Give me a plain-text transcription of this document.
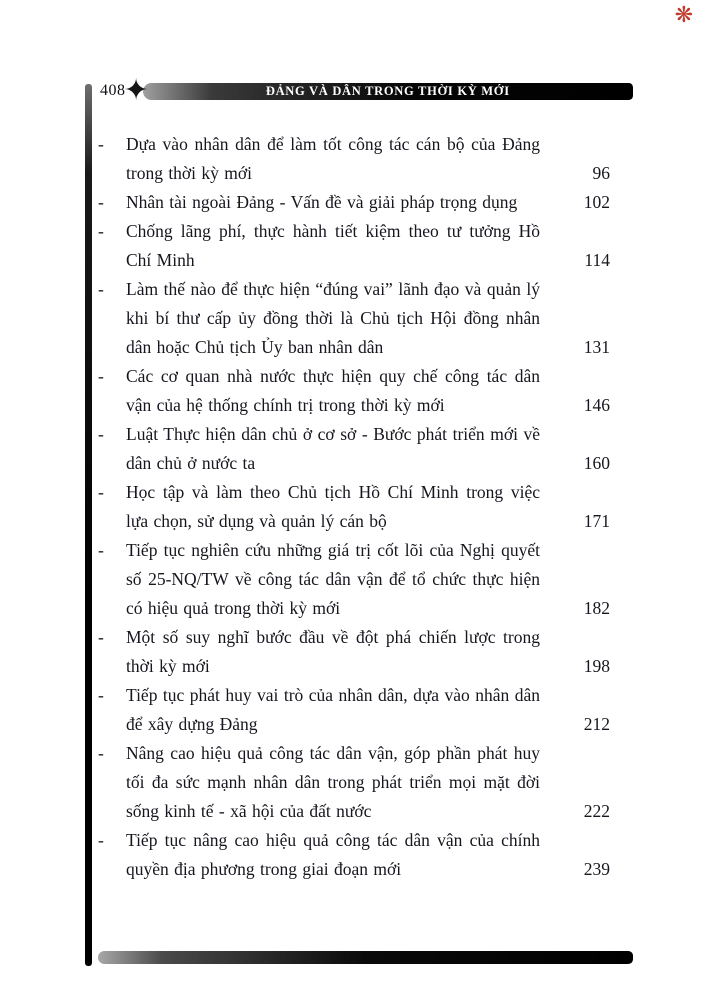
❋
408
✦	ĐẢNG VÀ DÂN TRONG THỜI KỲ MỚI
-	Dựa vào nhân dân để làm tốt công tác cán bộ của Đảng trong thời kỳ mới	96
-	Nhân tài ngoài Đảng - Vấn đề và giải pháp trọng dụng	102
-	Chống lãng phí, thực hành tiết kiệm theo tư tưởng Hồ Chí Minh	114
-	Làm thế nào để thực hiện “đúng vai” lãnh đạo và quản lý khi bí thư cấp ủy đồng thời là Chủ tịch Hội đồng nhân dân hoặc Chủ tịch Ủy ban nhân dân	131
-	Các cơ quan nhà nước thực hiện quy chế công tác dân vận của hệ thống chính trị trong thời kỳ mới	146
-	Luật Thực hiện dân chủ ở cơ sở - Bước phát triển mới về dân chủ ở nước ta	160
-	Học tập và làm theo Chủ tịch Hồ Chí Minh trong việc lựa chọn, sử dụng và quản lý cán bộ	171
-	Tiếp tục nghiên cứu những giá trị cốt lõi của Nghị quyết số 25-NQ/TW về công tác dân vận để tổ chức thực hiện có hiệu quả trong thời kỳ mới	182
-	Một số suy nghĩ bước đầu về đột phá chiến lược trong thời kỳ mới	198
-	Tiếp tục phát huy vai trò của nhân dân, dựa vào nhân dân để xây dựng Đảng	212
-	Nâng cao hiệu quả công tác dân vận, góp phần phát huy tối đa sức mạnh nhân dân trong phát triển mọi mặt đời sống kinh tế - xã hội của đất nước	222
-	Tiếp tục nâng cao hiệu quả công tác dân vận của chính quyền địa phương trong giai đoạn mới	239
